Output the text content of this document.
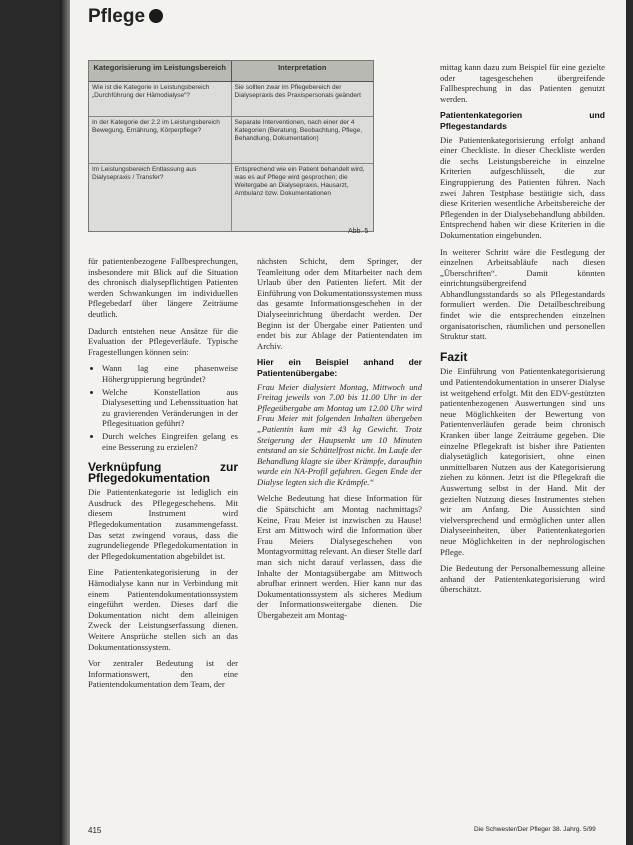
Pflege
Kategorisierung im Leistungsbereich	Interpretation
Wie ist die Kategorie in Leistungsbereich „Durchführung der Hämodialyse“?
Sie sollten zwar im Pflegebereich der Dialysepraxis des Praxispersonals geändert
In der Kategorie der 2.2 im Leistungsbereich Bewegung, Ernährung, Körperpflege?
Separate Interventionen, nach einer der 4 Kategorien (Beratung, Beobachtung, Pflege, Behandlung, Dokumentation)
Im Leistungsbereich Entlassung aus Dialysepraxis / Transfer?
Entsprechend wie ein Patient behandelt wird, was es auf Pflege wird gesprochen; die Weitergabe an Dialysepraxis, Hausarzt, Ambulanz bzw. Dokumentationen
Abb. 5

für patientenbezogene Fallbesprechungen, insbesondere mit Blick auf die Situation des chronisch dialysepflichtigen Patienten werden Schwankungen im individuellen Pflegebedarf über längere Zeiträume deutlich.

Dadurch entstehen neue Ansätze für die Evaluation der Pflegeverläufe. Typische Fragestellungen können sein:

• Wann lag eine phasenweise Höhergruppierung begründet?
• Welche Konstellation aus Dialysesetting und Lebenssituation hat zu gravierenden Veränderungen in der Pflegesituation geführt?
• Durch welches Eingreifen gelang es eine Besserung zu erzielen?
Verknüpfung zur Pflegedokumentation

Die Patientenkategorie ist lediglich ein Ausdruck des Pflegegeschehens. Mit diesem Instrument wird Pflegedokumentation zusammengefasst. Das setzt zwingend voraus, dass die zugrundeliegende Pflegedokumentation in der Pflegedokumentation abgebildet ist.

Eine Patientenkategorisierung in der Hämodialyse kann nur in Verbindung mit einem Patientendokumentationssystem eingeführt werden. Dieses darf die Dokumentation nicht dem alleinigen Zweck der Leistungserfassung dienen. Weitere Ansprüche stellen sich an das Dokumentationssystem.

Vor zentraler Bedeutung ist der Informationswert, den eine Patientendokumentation dem Team, der

nächsten Schicht, dem Springer, der Teamleitung oder dem Mitarbeiter nach dem Urlaub über den Patienten liefert. Mit der Einführung von Dokumentationssystemen muss das gesamte Informationsgeschehen in der Dialyseeinrichtung überdacht werden. Der Beginn ist der Übergabe einer Patienten und endet bis zur Ablage der Patientendaten im Archiv.

Hier ein Beispiel anhand der Patientenübergabe:

Frau Meier dialysiert Montag, Mittwoch und Freitag jeweils von 7.00 bis 11.00 Uhr in der Pflegeübergabe am Montag um 12.00 Uhr wird Frau Meier mit folgenden Inhalten übergeben „Patientin kam mit 43 kg Gewicht. Trotz Steigerung der Haupsenkt um 10 Minuten entstand an sie Schüttelfrost nicht. Im Laufe der Behandlung klagte sie über Krämpfe, daraufhin wurde ein NA-Profil gefahren. Gegen Ende der Dialyse legten sich die Krämpfe.“

Welche Bedeutung hat diese Information für die Spätschicht am Montag nachmittags? Keine, Frau Meier ist inzwischen zu Hause! Erst am Mittwoch wird die Information über Frau Meiers Dialysegeschehen von Montagvormittag relevant. An dieser Stelle darf man sich nicht darauf verlassen, dass die Inhalte der Montagsübergabe am Mittwoch abrufbar erinnert werden. Hier kann nur das Dokumentationssystem als sicheres Medium der Informationsweitergabe dienen. Die Übergabezeit am Montag-

mittag kann dazu zum Beispiel für eine gezielte oder tagesgeschehen übergreifende Fallbesprechung in das Patienten genutzt werden.

Patientenkategorien und Pflegestandards

Die Patientenkategorisierung erfolgt anhand einer Checkliste. In dieser Checkliste werden die sechs Leistungsbereiche in einzelne Kriterien aufgeschlüsselt, die zur Eingruppierung des Patienten führen. Nach zwei Jahren Testphase bestätigte sich, dass diese Kriterien wesentliche Arbeitsbereiche der Pflegenden in der Dialysebehandlung abbilden. Entsprechend haben wir diese Kriterien in die Dokumentation eingebunden.

In weiterer Schritt wäre die Festlegung der einzelnen Arbeitsabläufe nach diesen „Überschriften“. Damit könnten einrichtungsübergreifend Abhandlungsstandards so als Pflegestandards formuliert werden. Die Detailbeschreibung findet wie die entsprechenden einzelnen organisatorischen, räumlichen und personellen Struktur statt.

Fazit

Die Einführung von Patientenkategorisierung und Patientendokumentation in unserer Dialyse ist weitgehend erfolgt. Mit den EDV-gestützten patientenbezogenen Auswertungen sind uns neue Möglichkeiten der Bewertung von Patientenverläufen gerade beim chronisch Kranken über lange Zeiträume gegeben. Die einzelne Pflegekraft ist bisher ihre Patienten dialysetäglich kategorisiert, ohne einen unmittelbaren Nutzen aus der Kategorisierung ziehen zu können. Jetzt ist die Pflegekraft die Auswertung selbst in der Hand. Mit der gezielten Nutzung dieses Instrumentes stehen wir am Anfang. Die Aussichten sind vielversprechend und ermöglichen unter allen Dialyseeinheiten, über Patientenkategorien neue Möglichkeiten in der nephrologischen Pflege.

Die Bedeutung der Personalbemessung alleine anhand der Patientenkategorisierung wird überschätzt.

415	Die Schwester/Der Pfleger 38. Jahrg. 5/99
